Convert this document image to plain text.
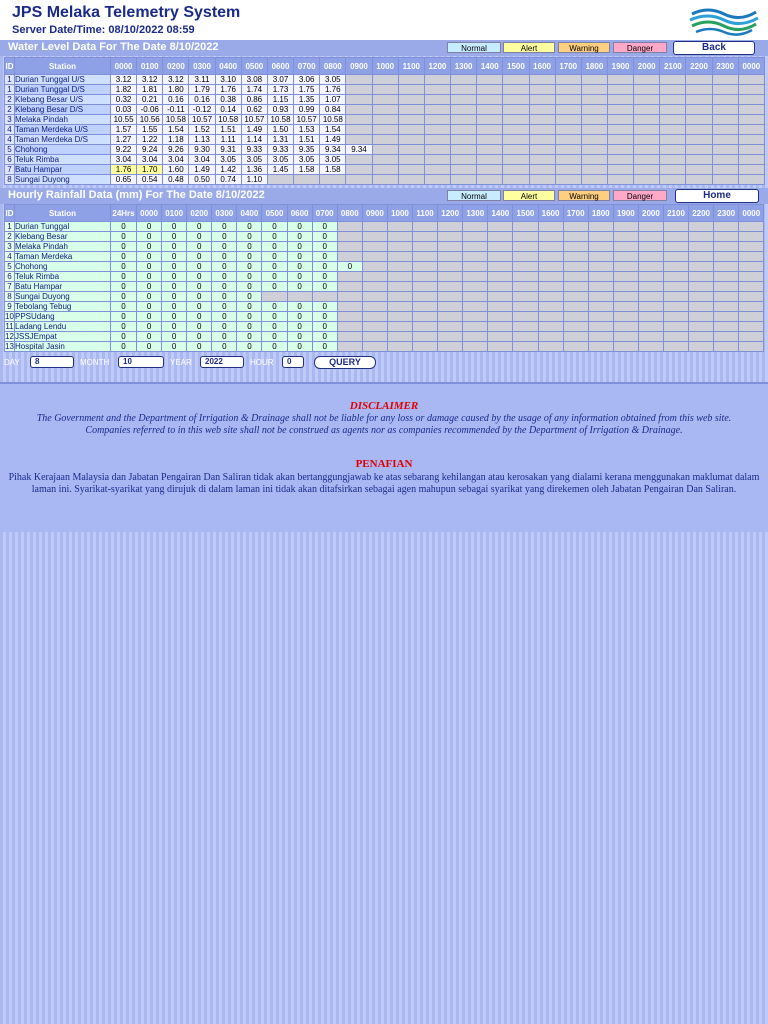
JPS Melaka Telemetry System
Server Date/Time: 08/10/2022 08:59
Water Level Data For The Date 8/10/2022	Normal	Alert	Warning	Danger	Back
ID	Station	0000	0100	0200	0300	0400	0500	0600	0700	0800	0900	1000	1100	1200	1300	1400	1500	1600	1700	1800	1900	2000	2100	2200	2300	0000
1	Durian Tunggal U/S	3.12	3.12	3.12	3.11	3.10	3.08	3.07	3.06	3.05																
1	Durian Tunggal D/S	1.82	1.81	1.80	1.79	1.76	1.74	1.73	1.75	1.76																
2	Klebang Besar U/S	0.32	0.21	0.16	0.16	0.38	0.86	1.15	1.35	1.07																
2	Klebang Besar D/S	0.03	-0.06	-0.11	-0.12	0.14	0.62	0.93	0.99	0.84																
3	Melaka Pindah	10.55	10.56	10.58	10.57	10.58	10.57	10.58	10.57	10.58																
4	Taman Merdeka U/S	1.57	1.55	1.54	1.52	1.51	1.49	1.50	1.53	1.54																
4	Taman Merdeka D/S	1.27	1.22	1.18	1.13	1.11	1.14	1.31	1.51	1.49																
5	Chohong	9.22	9.24	9.26	9.30	9.31	9.33	9.33	9.35	9.34	9.34															
6	Teluk Rimba	3.04	3.04	3.04	3.04	3.05	3.05	3.05	3.05	3.05																
7	Batu Hampar	1.76	1.70	1.60	1.49	1.42	1.36	1.45	1.58	1.58																
8	Sungai Duyong	0.65	0.54	0.48	0.50	0.74	1.10																			
Hourly Rainfall Data (mm) For The Date 8/10/2022	Normal	Alert	Warning	Danger	Home
ID	Station	24Hrs	0000	0100	0200	0300	0400	0500	0600	0700	0800	0900	1000	1100	1200	1300	1400	1500	1600	1700	1800	1900	2000	2100	2200	2300	0000
1	Durian Tunggal	0	0	0	0	0	0	0	0	0																	
2	Klebang Besar	0	0	0	0	0	0	0	0	0																	
3	Melaka Pindah	0	0	0	0	0	0	0	0	0																	
4	Taman Merdeka	0	0	0	0	0	0	0	0	0																	
5	Chohong	0	0	0	0	0	0	0	0	0	0																
6	Teluk Rimba	0	0	0	0	0	0	0	0	0																	
7	Batu Hampar	0	0	0	0	0	0	0	0	0																	
8	Sungai Duyong	0	0	0	0	0	0																				
9	Tebolang Tebug	0	0	0	0	0	0	0	0	0																	
10	PPSUdang	0	0	0	0	0	0	0	0	0																	
11	Ladang Lendu	0	0	0	0	0	0	0	0	0																	
12	JSSJEmpat	0	0	0	0	0	0	0	0	0																	
13	Hospital Jasin	0	0	0	0	0	0	0	0	0																	
DAY	8	MONTH	10	YEAR	2022	HOUR	0	QUERY
DISCLAIMER
The Government and the Department of Irrigation & Drainage shall not be liable for any loss or damage caused by the usage of any information obtained from this web site. Companies referred to in this web site shall not be construed as agents nor as companies recommended by the Department of Irrigation & Drainage.
PENAFIAN
Pihak Kerajaan Malaysia dan Jabatan Pengairan Dan Saliran tidak akan bertanggungjawab ke atas sebarang kehilangan atau kerosakan yang dialami kerana menggunakan maklumat dalam laman ini. Syarikat-syarikat yang dirujuk di dalam laman ini tidak akan ditafsirkan sebagai agen mahupun sebagai syarikat yang direkemen oleh Jabatan Pengairan Dan Saliran.
